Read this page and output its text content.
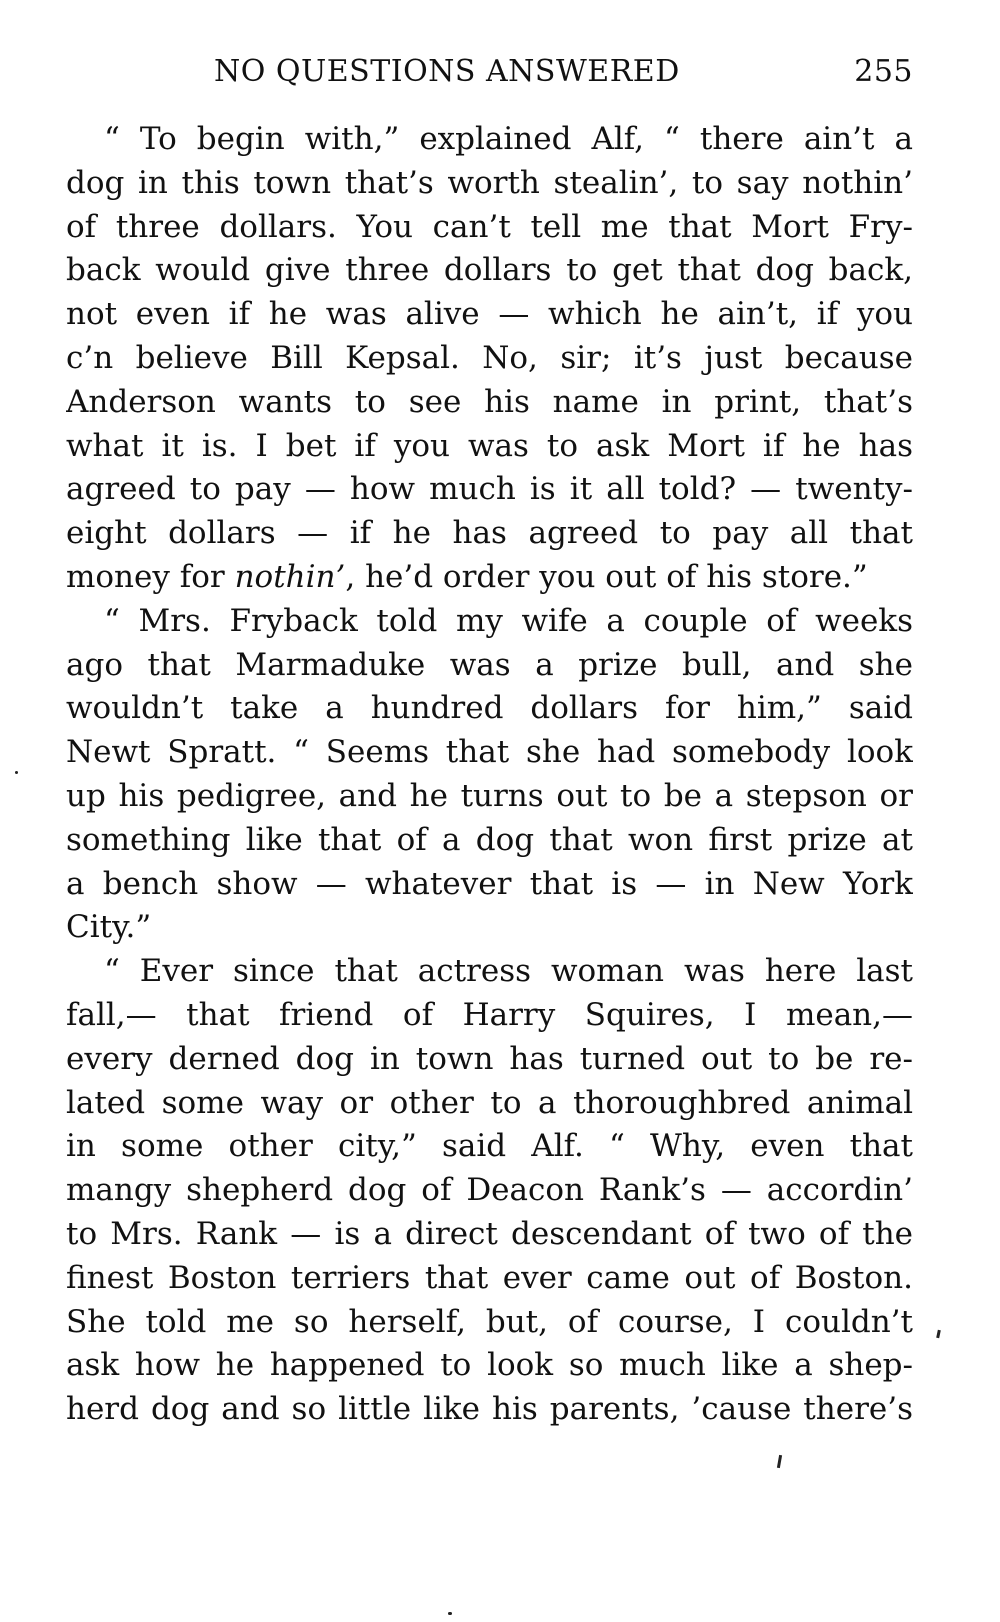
NO QUESTIONS ANSWERED	255
“ To begin with,” explained Alf, “ there ain’t a
dog in this town that’s worth stealin’, to say nothin’
of three dollars. You can’t tell me that Mort Fry-
back would give three dollars to get that dog back,
not even if he was alive — which he ain’t, if you
c’n believe Bill Kepsal. No, sir; it’s just because
Anderson wants to see his name in print, that’s
what it is. I bet if you was to ask Mort if he has
agreed to pay — how much is it all told? — twenty-
eight dollars — if he has agreed to pay all that
money for nothin’, he’d order you out of his store.”
“ Mrs. Fryback told my wife a couple of weeks
ago that Marmaduke was a prize bull, and she
wouldn’t take a hundred dollars for him,” said
Newt Spratt. “ Seems that she had somebody look
up his pedigree, and he turns out to be a stepson or
something like that of a dog that won first prize at
a bench show — whatever that is — in New York
City.”
“ Ever since that actress woman was here last
fall,— that friend of Harry Squires, I mean,—
every derned dog in town has turned out to be re-
lated some way or other to a thoroughbred animal
in some other city,” said Alf. “ Why, even that
mangy shepherd dog of Deacon Rank’s — accordin’
to Mrs. Rank — is a direct descendant of two of the
finest Boston terriers that ever came out of Boston.
She told me so herself, but, of course, I couldn’t
ask how he happened to look so much like a shep-
herd dog and so little like his parents, ’cause there’s
